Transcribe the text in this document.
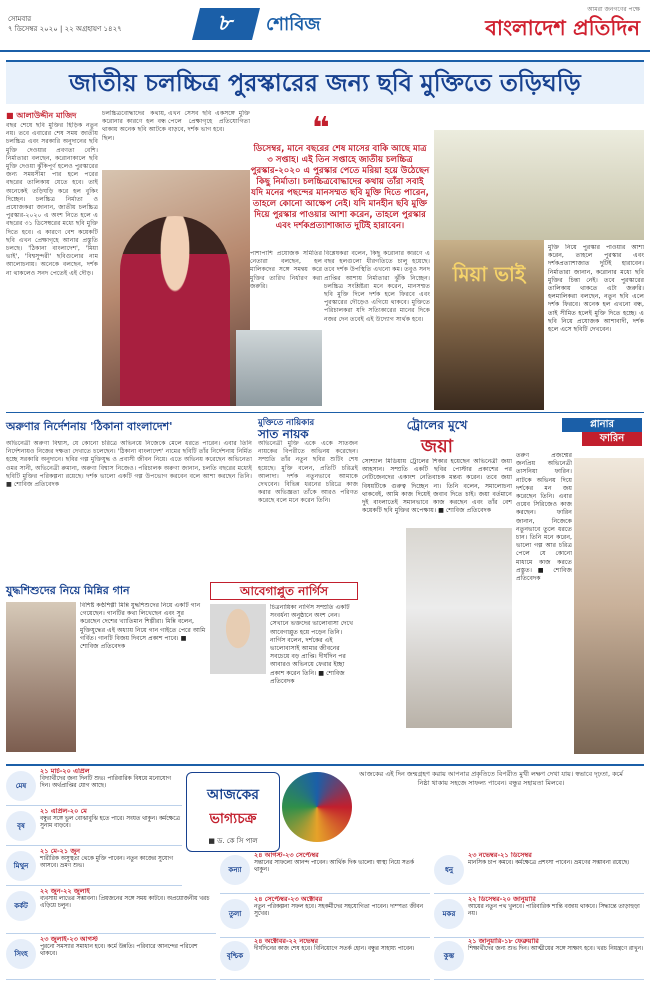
সোমবার
৭ ডিসেম্বর ২০২০ | ২২ অগ্রহায়ণ ১৪২৭	৮	শোবিজ
আমরা জনগণের পক্ষে
বাংলাদেশ প্রতিদিন
জাতীয় চলচ্চিত্র পুরস্কারের জন্য ছবি মুক্তিতে তড়িঘড়ি
■ আলাউদ্দীন মাজিদ
বছর শেষে ছবি মুক্তির হিড়িক নতুন নয়। তবে এবারের শেষ সময় জাতীয় চলচ্চিত্র এবং সরকারি অনুদানের ছবি মুক্তি দেওয়ার প্রবণতা বেশি। নির্মাতারা বলছেন, করোনাকালে ছবি মুক্তি দেওয়া ঝুঁকিপূর্ণ হলেও পুরস্কারের জন্য সময়সীমা পার হলে পরের বছরের তালিকায় যেতে হবে। তাই অনেকেই তড়িঘড়ি করে হল বুকিং দিচ্ছেন। চলচ্চিত্র নির্মাতা ও প্রযোজকরা জানান, জাতীয় চলচ্চিত্র পুরস্কার-২০২০ এ অংশ নিতে হলে এ বছরের ৩১ ডিসেম্বরের মধ্যে ছবি মুক্তি দিতে হবে। এ কারণে বেশ কয়েকটি ছবি এখন প্রেক্ষাগৃহে আনার প্রস্তুতি চলছে। 'ঠিকানা বাংলাদেশ', 'মিয়া ভাই', 'বিশ্বসুন্দরী' ছবিগুলোর নাম আলোচনায়। অনেকে বলছেন, দর্শক না থাকলেও সনদ পেতেই এই দৌড়।
চলচ্চিত্রবোদ্ধাদের কথায়, করোনার কারণে হল বন্ধ থাকায় অনেক ছবি আটকে ছিল।
এখন সেসব ছবি একসঙ্গে মুক্তি পেলে প্রেক্ষাগৃহে প্রতিযোগিতা বাড়বে, দর্শক ভাগ হবে।	❝
ডিসেম্বর, মানে বছরের শেষ মাসের বাকি আছে মাত্র ৩ সপ্তাহ। এই তিন সপ্তাহে জাতীয় চলচ্চিত্র পুরস্কার-২০২০ এ পুরস্কার পেতে মরিয়া হয়ে উঠেছেন কিছু নির্মাতা। চলচ্চিত্রবোদ্ধাদের কথায় তাঁরা সবাই যদি মনের পছন্দের মানসম্মত ছবি মুক্তি দিতে পারেন, তাহলে কোনো আক্ষেপ নেই। যদি মানহীন ছবি মুক্তি দিয়ে পুরস্কার পাওয়ার আশা করেন, তাহলে পুরস্কার এবং দর্শকপ্রত্যাশাজাত দুটিই হারাবেন।
পাশাপাশি প্রযোজক সমিতির নেতারা বলছেন, হল মালিকদের সঙ্গে সমন্বয় করে মুক্তির তারিখ নির্ধারণ করা জরুরি।
বিশ্লেষকরা বলেন, কিছু করোনার কারণে এ বছর হলগুলো ধীরগতিতে চালু হয়েছে। তবে দর্শক উপস্থিতি এখনো কম। তবুও সনদ প্রাপ্তির আশায় নির্মাতারা ঝুঁকি নিচ্ছেন। চলচ্চিত্র সংশ্লিষ্টরা মনে করেন, মানসম্মত ছবি মুক্তি দিলে দর্শক হলে ফিরবে এবং পুরস্কারের দৌড়েও এগিয়ে থাকবে। মুক্তিতে পরিচালকরা যদি সত্যিকারের মানের দিকে নজর দেন তবেই এই উদ্যোগ সার্থক হবে।
মিয়া ভাই
মুক্তি নিয়ে পুরস্কার পাওয়ার আশা করেন, তাহলে পুরস্কার এবং দর্শকপ্রত্যাশাজাত দুটিই হারাবেন। নির্মাতারা জানান, করোনার মধ্যে ছবি মুক্তির চিন্তা নেই। তবে পুরস্কারের তালিকায় থাকতে এটা জরুরি। হলমালিকরা বলছেন, নতুন ছবি এলে দর্শক ফিরবে। অনেক হল এখনো বন্ধ, তাই সীমিত হলেই মুক্তি দিতে হচ্ছে। এ ছবি নিয়ে প্রযোজক আশাবাদী, দর্শক হলে এসে ছবিটি দেখবেন।
অরুণার নির্দেশনায় 'ঠিকানা বাংলাদেশ'
অভিনেত্রী অরুণা বিশ্বাস, যে কোনো চরিত্রে অভিনয়ে নিজেকে মেলে ধরতে পারেন। এবার তিনি নির্দেশনায়ও নিজের দক্ষতা দেখাতে চলেছেন। 'ঠিকানা বাংলাদেশ' নামের ছবিটি তাঁর নির্দেশনায় নির্মিত হচ্ছে সরকারি অনুদানে। ছবির গল্প মুক্তিযুদ্ধ ও প্রবাসী জীবন নিয়ে। এতে অভিনয় করেছেন অভিনেতা ওমর সানী, অভিনেত্রী রুমানা, অরুণা বিশ্বাস নিজেও। পরিচালক অরুণা জানান, চলতি বছরের মধ্যেই ছবিটি মুক্তির পরিকল্পনা রয়েছে। দর্শক ভালো একটি গল্প উপভোগ করবেন বলে আশা করছেন তিনি। ■ শোবিজ প্রতিবেদক
মুক্তিতে নায়িকার
সাত নায়ক
অভিনেত্রী মুক্তি একে একে সাতজন নায়কের বিপরীতে অভিনয় করেছেন। সম্প্রতি তাঁর নতুন ছবির শুটিং শেষ হয়েছে। মুক্তি বলেন, প্রতিটি চরিত্রই আলাদা। দর্শক নতুনভাবে আমাকে দেখবেন। বিভিন্ন ধরনের চরিত্রে কাজ করার অভিজ্ঞতা তাঁকে আরও পরিণত করেছে বলে মনে করেন তিনি।
ট্রোলের মুখে
জয়া
সোশ্যাল মিডিয়ায় ট্রোলের শিকার হয়েছেন অভিনেত্রী জয়া আহসান। সম্প্রতি একটি ছবির পোস্টার প্রকাশের পর নেটিজেনদের একাংশ নেতিবাচক মন্তব্য করেন। তবে জয়া বিষয়টিকে গুরুত্ব দিচ্ছেন না। তিনি বলেন, সমালোচনা থাকবেই, আমি কাজ দিয়েই জবাব দিতে চাই। জয়া বর্তমানে দুই বাংলাতেই সমানভাবে কাজ করছেন এবং তাঁর বেশ কয়েকটি ছবি মুক্তির অপেক্ষায়। ■ শোবিজ প্রতিবেদক
প্লানার
ফারিন
তরুণ প্রজন্মের জনপ্রিয় অভিনেত্রী তাসনিয়া ফারিন। নাটকে অভিনয় দিয়ে দর্শকের মন জয় করেছেন তিনি। এবার ওয়েব সিরিজেও কাজ করছেন। ফারিন জানান, নিজেকে নতুনভাবে তুলে ধরতে চান। তিনি মনে করেন, ভালো গল্প আর চরিত্র পেলে যে কোনো মাধ্যমে কাজ করতে প্রস্তুত। ■ শোবিজ প্রতিবেদক
যুদ্ধশিশুদের নিয়ে মিন্নির গান
বিশিষ্ট কণ্ঠশিল্পী মিন্নি যুদ্ধশিশুদের নিয়ে একটি গান গেয়েছেন। গানটির কথা লিখেছেন এবং সুর করেছেন দেশের খ্যাতিমান শিল্পীরা। মিন্নি বলেন, মুক্তিযুদ্ধের এই অধ্যায় নিয়ে গান গাইতে পেরে আমি গর্বিত। গানটি বিজয় দিবসে প্রকাশ পাবে। ■ শোবিজ প্রতিবেদক
আবেগাপ্লুত নার্গিস
চিত্রনায়িকা নার্গিস সম্প্রতি একটি সংবর্ধনা অনুষ্ঠানে অংশ নেন। সেখানে ভক্তদের ভালোবাসা দেখে আবেগাপ্লুত হয়ে পড়েন তিনি। নার্গিস বলেন, দর্শকের এই ভালোবাসাই আমার জীবনের সবচেয়ে বড় প্রাপ্তি। দীর্ঘদিন পর আবারও অভিনয়ে ফেরার ইচ্ছা প্রকাশ করেন তিনি। ■ শোবিজ প্রতিবেদক
আজকের
ভাগ্যচক্র
■ ড. কে সি পাল
আজকের এই দিন জন্মগ্রহণ করায় আপনার প্রকৃতিতে বিপরীত মুখী লক্ষণ দেখা যায়। স্বভাবে দৃঢ়তা, কর্মে নিষ্ঠা থাকায় সহজে সাফল্য পাবেন। বন্ধুর সহায়তা মিলবে।
মেষ
২১ মার্চ-২০ এপ্রিল
বিদ্যার্থীদের জন্য দিনটি শুভ। পারিবারিক বিষয়ে মনোযোগ দিন। অর্থপ্রাপ্তির যোগ আছে।
বৃষ
২১ এপ্রিল-২০ মে
বন্ধুর সঙ্গে ভুল বোঝাবুঝি হতে পারে। সংযত থাকুন। কর্মক্ষেত্রে সুনাম বাড়বে।
মিথুন
২১ মে-২১ জুন
শারীরিক অসুস্থতা থেকে মুক্তি পাবেন। নতুন কাজের সুযোগ আসবে। ভ্রমণ শুভ।
কর্কট
২২ জুন-২২ জুলাই
ব্যবসায় লাভের সম্ভাবনা। প্রিয়জনের সঙ্গে সময় কাটবে। অপ্রয়োজনীয় খরচ এড়িয়ে চলুন।
সিংহ
২৩ জুলাই-২৩ আগস্ট
পুরনো সমস্যার সমাধান হবে। কর্মে উন্নতি। পরিবারে আনন্দের পরিবেশ থাকবে।
কন্যা
২৪ আগস্ট-২৩ সেপ্টেম্বর
সন্তানের সাফল্যে আনন্দ পাবেন। আর্থিক দিক ভালো। স্বাস্থ্য নিয়ে সতর্ক থাকুন।
তুলা
২৪ সেপ্টেম্বর-২৩ অক্টোবর
নতুন পরিকল্পনা সফল হবে। সহকর্মীদের সহযোগিতা পাবেন। দাম্পত্য জীবন সুখের।
বৃশ্চিক
২৪ অক্টোবর-২২ নভেম্বর
দীর্ঘদিনের কাজ শেষ হবে। বিনিয়োগে সতর্ক হোন। বন্ধুর সাহায্য পাবেন।
ধনু
২৩ নভেম্বর-২১ ডিসেম্বর
মানসিক চাপ কমবে। কর্মক্ষেত্রে প্রশংসা পাবেন। ভ্রমণের সম্ভাবনা রয়েছে।
মকর
২২ ডিসেম্বর-২০ জানুয়ারি
আয়ের নতুন পথ খুলবে। পারিবারিক শান্তি বজায় থাকবে। সিদ্ধান্তে তাড়াহুড়া নয়।
কুম্ভ
২১ জানুয়ারি-১৮ ফেব্রুয়ারি
শিক্ষার্থীদের জন্য শুভ দিন। আত্মীয়ের সঙ্গে সাক্ষাৎ হবে। খরচ নিয়ন্ত্রণে রাখুন।
